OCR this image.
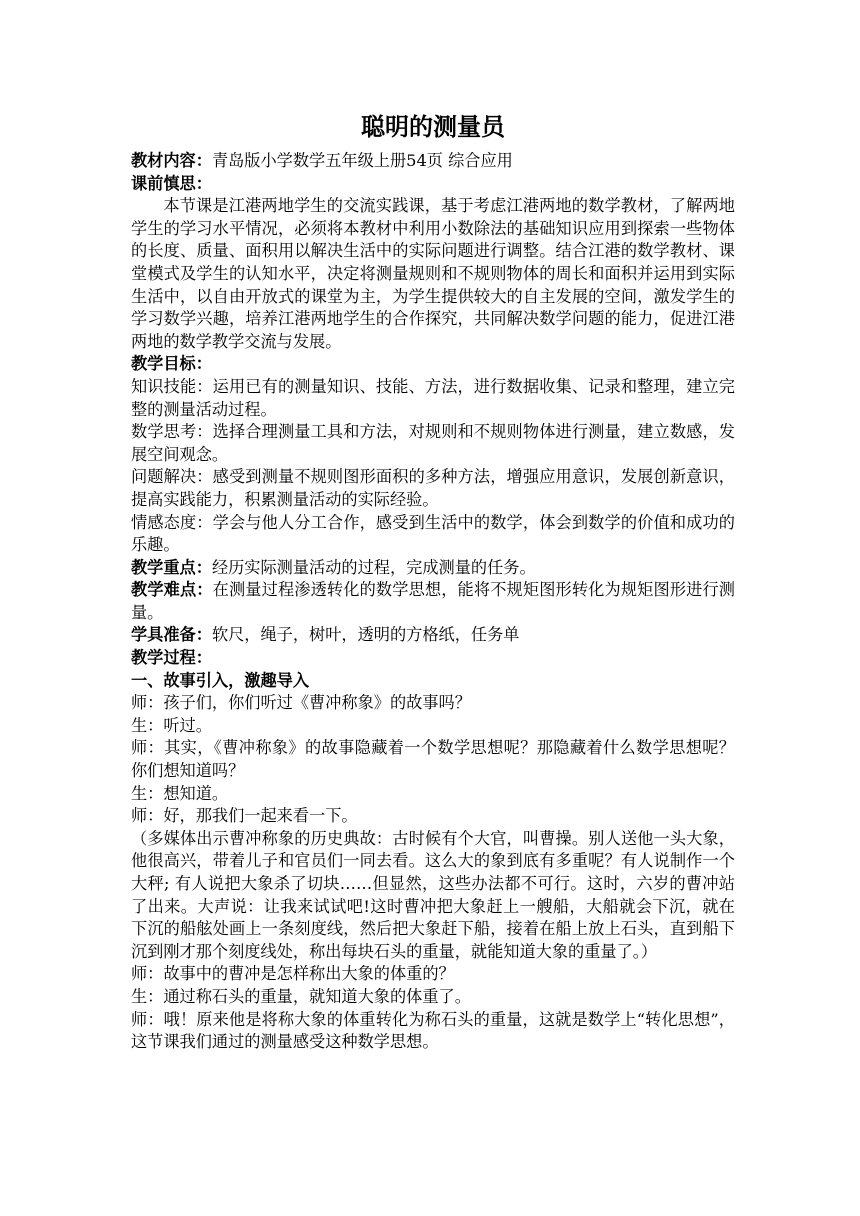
聪明的测量员

教材内容：青岛版小学数学五年级上册54页 综合应用

课前慎思：

本节课是江港两地学生的交流实践课，基于考虑江港两地的数学教材，了解两地学生的学习水平情况，必须将本教材中利用小数除法的基础知识应用到探索一些物体的长度、质量、面积用以解决生活中的实际问题进行调整。结合江港的数学教材、课堂模式及学生的认知水平，决定将测量规则和不规则物体的周长和面积并运用到实际生活中，以自由开放式的课堂为主，为学生提供较大的自主发展的空间，激发学生的学习数学兴趣，培养江港两地学生的合作探究，共同解决数学问题的能力，促进江港两地的数学教学交流与发展。

教学目标：

知识技能：运用已有的测量知识、技能、方法，进行数据收集、记录和整理，建立完整的测量活动过程。

数学思考：选择合理测量工具和方法，对规则和不规则物体进行测量，建立数感，发展空间观念。

问题解决：感受到测量不规则图形面积的多种方法，增强应用意识，发展创新意识，提高实践能力，积累测量活动的实际经验。

情感态度：学会与他人分工合作，感受到生活中的数学，体会到数学的价值和成功的乐趣。

教学重点：经历实际测量活动的过程，完成测量的任务。

教学难点：在测量过程渗透转化的数学思想，能将不规矩图形转化为规矩图形进行测量。

学具准备：软尺，绳子，树叶，透明的方格纸，任务单

教学过程：

一、故事引入，激趣导入

师：孩子们，你们听过《曹冲称象》的故事吗？

生：听过。

师：其实，《曹冲称象》的故事隐藏着一个数学思想呢？那隐藏着什么数学思想呢？你们想知道吗？

生：想知道。

师：好，那我们一起来看一下。

（多媒体出示曹冲称象的历史典故：古时候有个大官，叫曹操。别人送他一头大象，他很高兴，带着儿子和官员们一同去看。这么大的象到底有多重呢？有人说制作一个大秤; 有人说把大象杀了切块……但显然，这些办法都不可行。这时，六岁的曹冲站了出来。大声说：让我来试试吧!这时曹冲把大象赶上一艘船，大船就会下沉，就在下沉的船舷处画上一条刻度线，然后把大象赶下船，接着在船上放上石头，直到船下沉到刚才那个刻度线处，称出每块石头的重量，就能知道大象的重量了。）

师：故事中的曹冲是怎样称出大象的体重的？

生：通过称石头的重量，就知道大象的体重了。

师：哦！原来他是将称大象的体重转化为称石头的重量，这就是数学上“转化思想”，这节课我们通过的测量感受这种数学思想。
